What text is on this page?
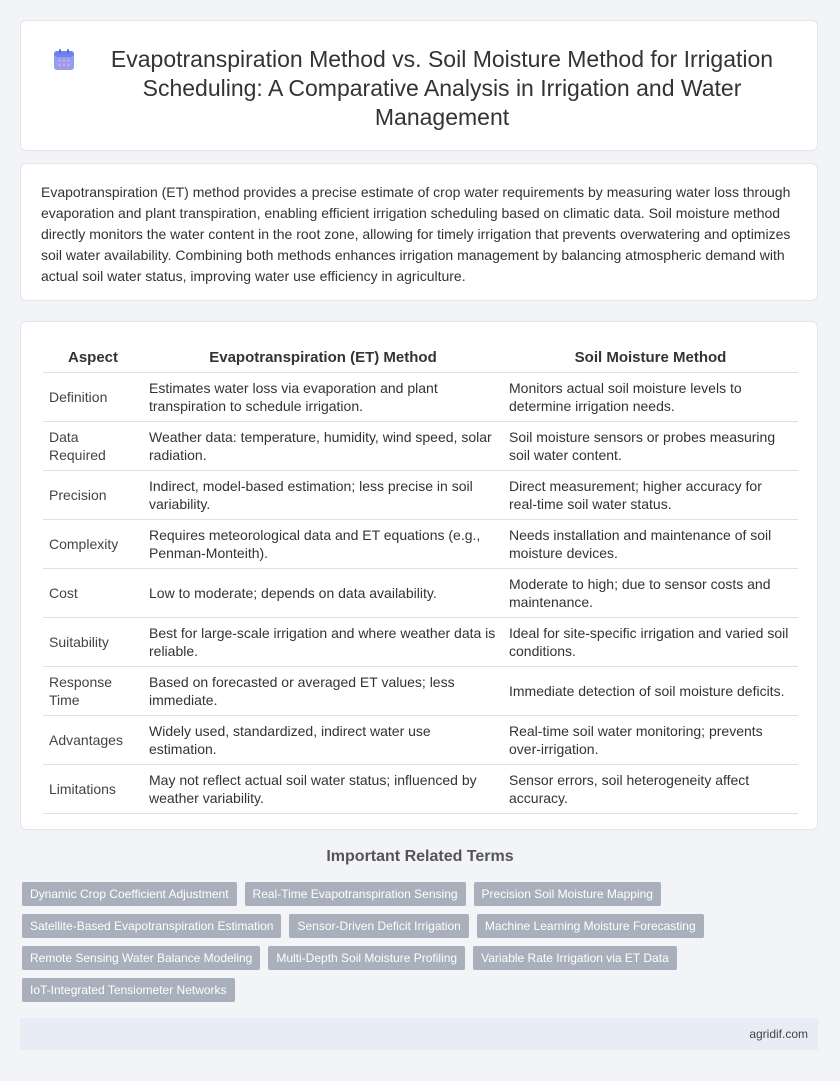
Evapotranspiration Method vs. Soil Moisture Method for Irrigation Scheduling: A Comparative Analysis in Irrigation and Water Management

Evapotranspiration (ET) method provides a precise estimate of crop water requirements by measuring water loss through evaporation and plant transpiration, enabling efficient irrigation scheduling based on climatic data. Soil moisture method directly monitors the water content in the root zone, allowing for timely irrigation that prevents overwatering and optimizes soil water availability. Combining both methods enhances irrigation management by balancing atmospheric demand with actual soil water status, improving water use efficiency in agriculture.

Aspect	Evapotranspiration (ET) Method	Soil Moisture Method
Definition	Estimates water loss via evaporation and plant transpiration to schedule irrigation.	Monitors actual soil moisture levels to determine irrigation needs.
Data Required	Weather data: temperature, humidity, wind speed, solar radiation.	Soil moisture sensors or probes measuring soil water content.
Precision	Indirect, model-based estimation; less precise in soil variability.	Direct measurement; higher accuracy for real-time soil water status.
Complexity	Requires meteorological data and ET equations (e.g., Penman-Monteith).	Needs installation and maintenance of soil moisture devices.
Cost	Low to moderate; depends on data availability.	Moderate to high; due to sensor costs and maintenance.
Suitability	Best for large-scale irrigation and where weather data is reliable.	Ideal for site-specific irrigation and varied soil conditions.
Response Time	Based on forecasted or averaged ET values; less immediate.	Immediate detection of soil moisture deficits.
Advantages	Widely used, standardized, indirect water use estimation.	Real-time soil water monitoring; prevents over-irrigation.
Limitations	May not reflect actual soil water status; influenced by weather variability.	Sensor errors, soil heterogeneity affect accuracy.
Important Related Terms
Dynamic Crop Coefficient Adjustment	Real-Time Evapotranspiration Sensing	Precision Soil Moisture Mapping
Satellite-Based Evapotranspiration Estimation	Sensor-Driven Deficit Irrigation	Machine Learning Moisture Forecasting
Remote Sensing Water Balance Modeling	Multi-Depth Soil Moisture Profiling	Variable Rate Irrigation via ET Data
IoT-Integrated Tensiometer Networks
agridif.com
